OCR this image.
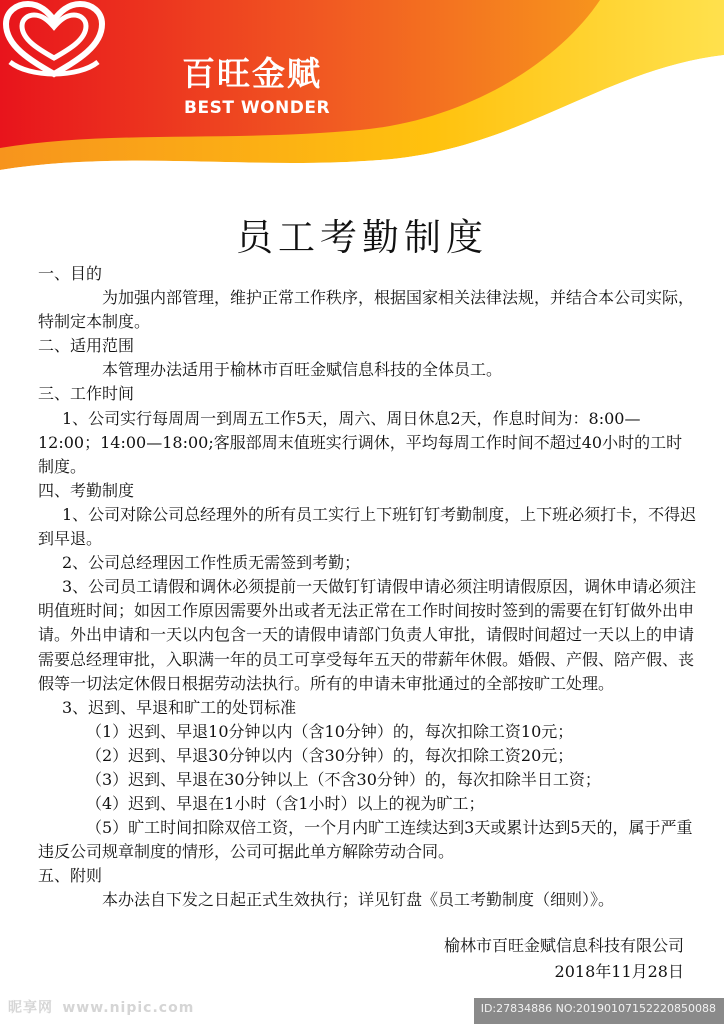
百旺金赋
BEST WONDER
员工考勤制度

一、目的

为加强内部管理，维护正常工作秩序，根据国家相关法律法规，并结合本公司实际，特制定本制度。

二、适用范围

本管理办法适用于榆林市百旺金赋信息科技的全体员工。

三、工作时间

1、公司实行每周周一到周五工作5天，周六、周日休息2天，作息时间为：8:00—12:00；14:00—18:00;客服部周末值班实行调休，平均每周工作时间不超过40小时的工时制度。

四、考勤制度

1、公司对除公司总经理外的所有员工实行上下班钉钉考勤制度，上下班必须打卡，不得迟到早退。

2、公司总经理因工作性质无需签到考勤；

3、公司员工请假和调休必须提前一天做钉钉请假申请必须注明请假原因，调休申请必须注明值班时间；如因工作原因需要外出或者无法正常在工作时间按时签到的需要在钉钉做外出申请。外出申请和一天以内包含一天的请假申请部门负责人审批，请假时间超过一天以上的申请需要总经理审批，入职满一年的员工可享受每年五天的带薪年休假。婚假、产假、陪产假、丧假等一切法定休假日根据劳动法执行。所有的申请未审批通过的全部按旷工处理。

3、迟到、早退和旷工的处罚标准

（1）迟到、早退10分钟以内（含10分钟）的，每次扣除工资10元；

（2）迟到、早退30分钟以内（含30分钟）的，每次扣除工资20元；

（3）迟到、早退在30分钟以上（不含30分钟）的，每次扣除半日工资；

（4）迟到、早退在1小时（含1小时）以上的视为旷工；

（5）旷工时间扣除双倍工资，一个月内旷工连续达到3天或累计达到5天的，属于严重违反公司规章制度的情形，公司可据此单方解除劳动合同。

五、附则

本办法自下发之日起正式生效执行；详见钉盘《员工考勤制度（细则）》。

榆林市百旺金赋信息科技有限公司
2018年11月28日
昵享网 www.nipic.com	ID:27834886 NO:20190107152220850088
